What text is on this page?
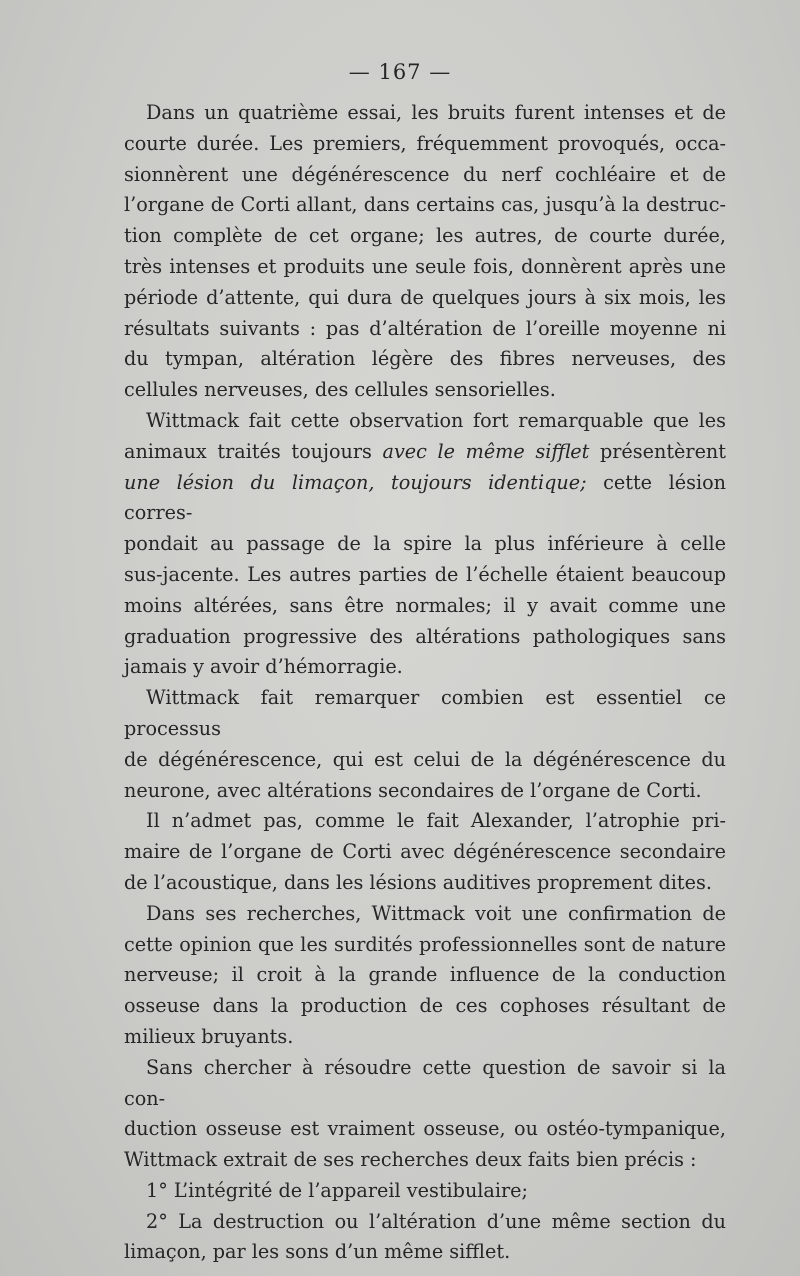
— 167 —

Dans un quatrième essai, les bruits furent intenses et de
courte durée. Les premiers, fréquemment provoqués, occa-
sionnèrent une dégénérescence du nerf cochléaire et de
l’organe de Corti allant, dans certains cas, jusqu’à la destruc-
tion complète de cet organe; les autres, de courte durée,
très intenses et produits une seule fois, donnèrent après une
période d’attente, qui dura de quelques jours à six mois, les
résultats suivants : pas d’altération de l’oreille moyenne ni
du tympan, altération légère des fibres nerveuses, des
cellules nerveuses, des cellules sensorielles.

Wittmack fait cette observation fort remarquable que les
animaux traités toujours avec le même sifflet présentèrent
une lésion du limaçon, toujours identique; cette lésion corres-
pondait au passage de la spire la plus inférieure à celle
sus-jacente. Les autres parties de l’échelle étaient beaucoup
moins altérées, sans être normales; il y avait comme une
graduation progressive des altérations pathologiques sans
jamais y avoir d’hémorragie.

Wittmack fait remarquer combien est essentiel ce processus
de dégénérescence, qui est celui de la dégénérescence du
neurone, avec altérations secondaires de l’organe de Corti.

Il n’admet pas, comme le fait Alexander, l’atrophie pri-
maire de l’organe de Corti avec dégénérescence secondaire
de l’acoustique, dans les lésions auditives proprement dites.

Dans ses recherches, Wittmack voit une confirmation de
cette opinion que les surdités professionnelles sont de nature
nerveuse; il croit à la grande influence de la conduction
osseuse dans la production de ces cophoses résultant de
milieux bruyants.

Sans chercher à résoudre cette question de savoir si la con-
duction osseuse est vraiment osseuse, ou ostéo-tympanique,
Wittmack extrait de ses recherches deux faits bien précis :

1° L’intégrité de l’appareil vestibulaire;

2° La destruction ou l’altération d’une même section du
limaçon, par les sons d’un même sifflet.
